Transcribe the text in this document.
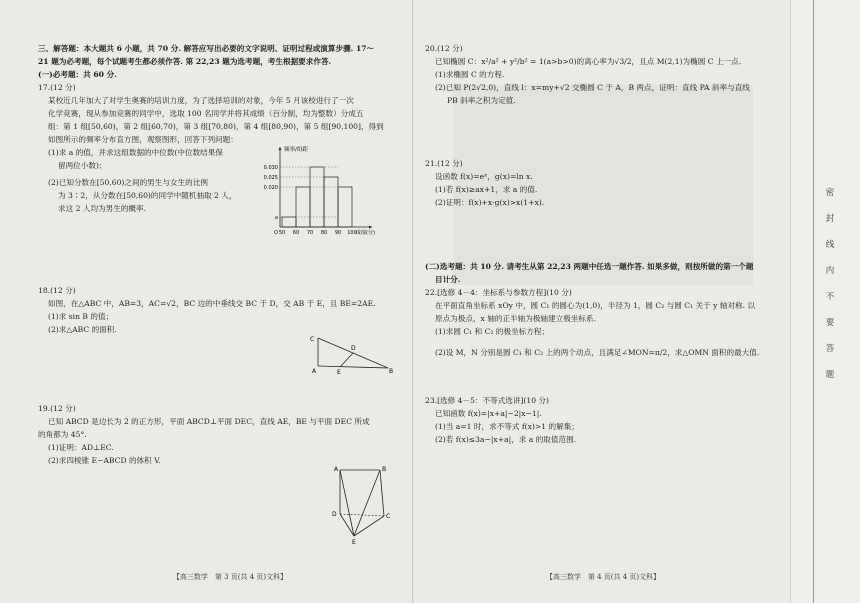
三、解答题：本大题共 6 小题，共 70 分. 解答应写出必要的文字说明、证明过程或演算步骤. 17～

21 题为必考题，每个试题考生都必须作答. 第 22,23 题为选考题，考生根据要求作答.

(一)必考题：共 60 分.

17.(12 分)

某校近几年加大了对学生奥赛的培训力度，为了选择培训的对象，今年 5 月该校进行了一次

化学竞赛，现从参加竞赛的同学中，选取 100 名同学并将其成绩（百分制，均为整数）分成五

组：第 1 组[50,60)，第 2 组[60,70)，第 3 组[70,80)，第 4 组[80,90)，第 5 组[90,100]，得到

如图所示的频率分布直方图，观察图形，回答下列问题：

(1)求 a 的值，并求这组数据的中位数(中位数结果保

留两位小数)；

(2)已知分数在[50,60)之间的男生与女生的比例

为 3∶2，从分数在[50,60)的同学中随机抽取 2 人，

求这 2 人均为男生的概率.

0.030
0.025
0.020
a
50 60 70 80 90 100
O
频率/组距
成绩(分)

18.(12 分)

如图，在△ABC 中，AB=3，AC=√2，BC 边的中垂线交 BC 于 D，交 AB 于 E，且 BE=2AE.

(1)求 sin B 的值；

(2)求△ABC 的面积.

C
D
A	E	B

19.(12 分)

已知 ABCD 是边长为 2 的正方形，平面 ABCD⊥平面 DEC，直线 AE，BE 与平面 DEC 所成

的角都为 45°.

(1)证明：AD⊥EC.

(2)求四棱锥 E−ABCD 的体积 V.

A	B
D	C
E
【高三数学　第 3 页(共 4 页)文科】

20.(12 分)

已知椭圆 C：x²/a² + y²/b² = 1(a>b>0)的离心率为√3/2，且点 M(2,1)为椭圆 C 上一点.

(1)求椭圆 C 的方程.

(2)已知 P(2√2,0)，直线 l：x=my+√2 交椭圆 C 于 A，B 两点，证明：直线 PA 斜率与直线

PB 斜率之积为定值.

21.(12 分)

设函数 f(x)=eˣ，g(x)=ln x.

(1)若 f(x)≥ax+1，求 a 的值.

(2)证明：f(x)+x·g(x)>x(1+x).

(二)选考题：共 10 分. 请考生从第 22,23 两题中任选一题作答. 如果多做，则按所做的第一个题

目计分.

22.[选修 4－4：坐标系与参数方程](10 分)

在平面直角坐标系 xOy 中，圆 C₁ 的圆心为(1,0)，半径为 1，圆 C₂ 与圆 C₁ 关于 y 轴对称. 以

原点为极点，x 轴的正半轴为极轴建立极坐标系.

(1)求圆 C₁ 和 C₂ 的极坐标方程；

(2)设 M，N 分别是圆 C₁ 和 C₂ 上的两个动点，且满足∠MON=π/2，求△OMN 面积的最大值.

23.[选修 4－5：不等式选讲](10 分)

已知函数 f(x)=|x+a|−2|x−1|.

(1)当 a=1 时，求不等式 f(x)>1 的解集；

(2)若 f(x)≤3a−|x+a|，求 a 的取值范围.

【高三数学　第 4 页(共 4 页)文科】
密
封
线
内
不
要
答
题
